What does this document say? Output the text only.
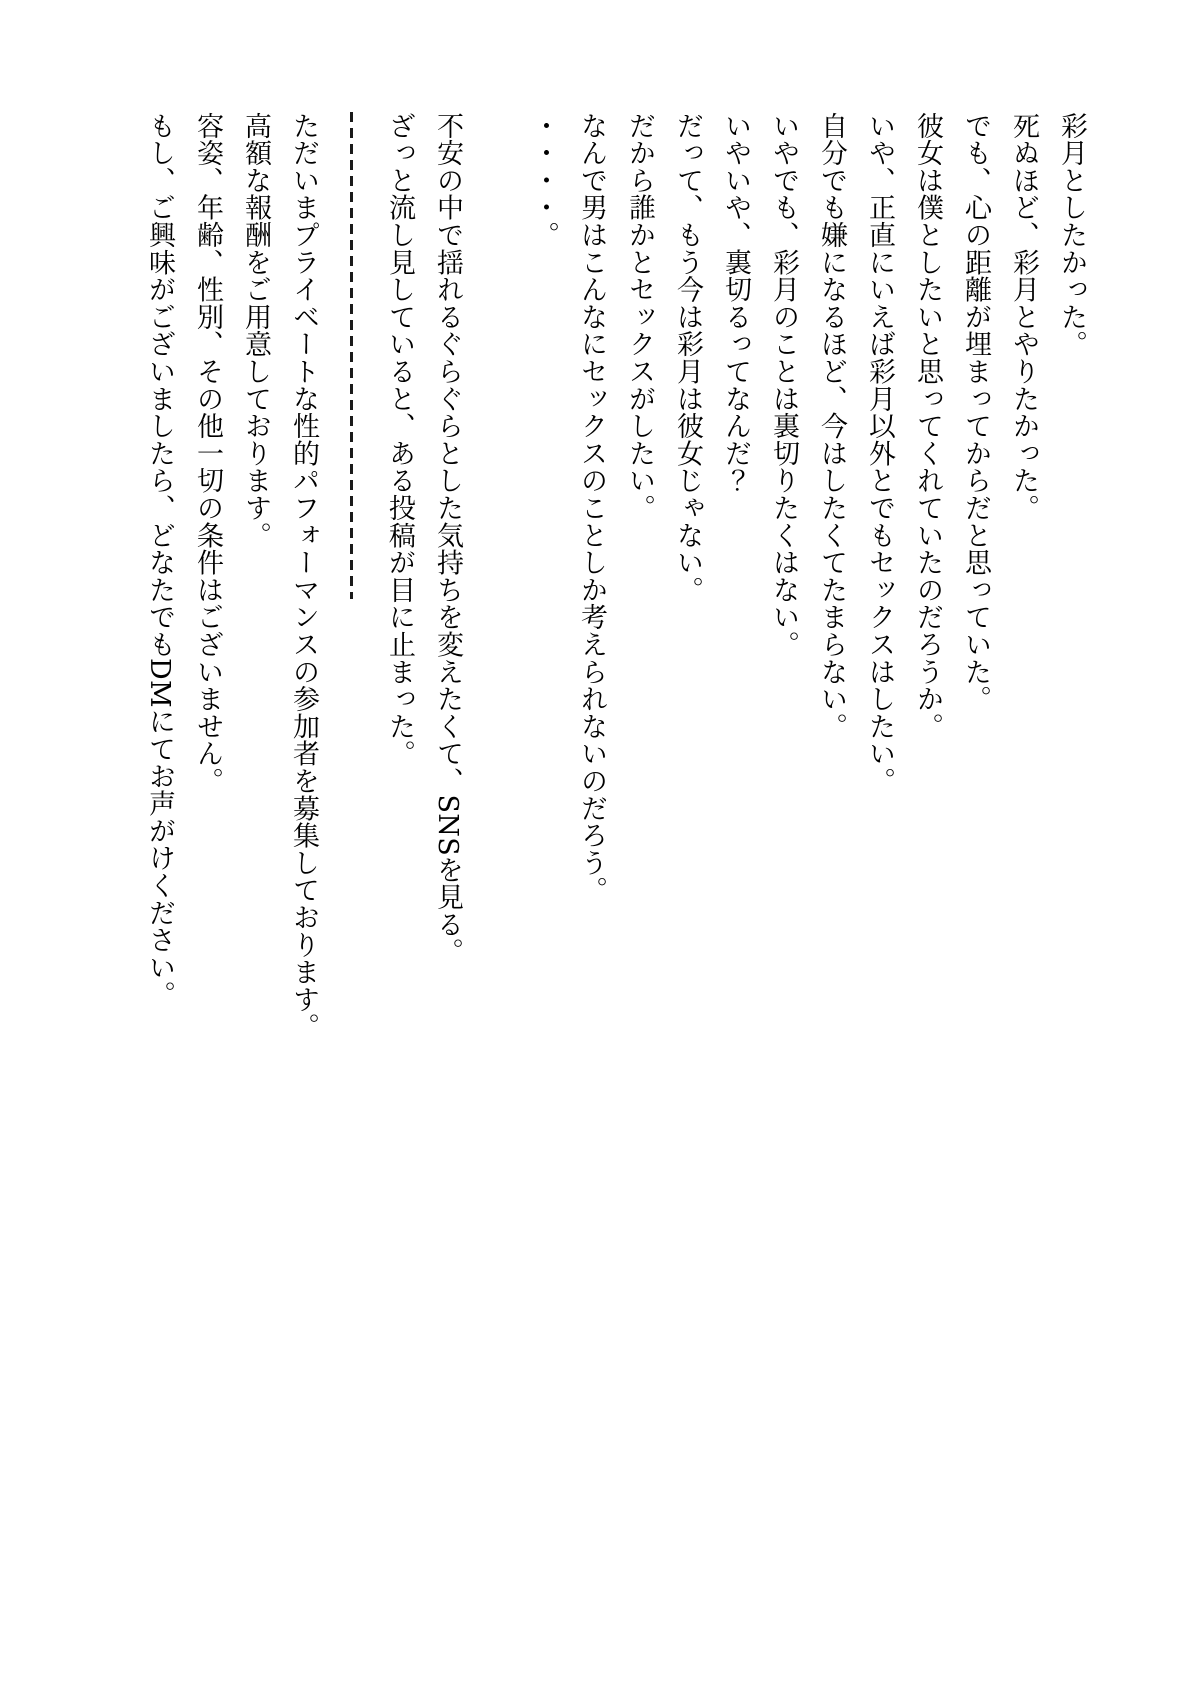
彩月としたかった。

死ぬほど、彩月とやりたかった。

でも、心の距離が埋まってからだと思っていた。

彼女は僕としたいと思ってくれていたのだろうか。

いや、正直にいえば彩月以外とでもセックスはしたい。

自分でも嫌になるほど、今はしたくてたまらない。

いやでも、彩月のことは裏切りたくはない。

いやいや、裏切るってなんだ？

だって、もう今は彩月は彼女じゃない。

だから誰かとセックスがしたい。

なんで男はこんなにセックスのことしか考えられないのだろう。

・・・・。

不安の中で揺れるぐらぐらとした気持ちを変えたくて、SNSを見る。

ざっと流し見していると、ある投稿が目に止まった。

ただいまプライベートな性的パフォーマンスの参加者を募集しております。

高額な報酬をご用意しております。

容姿、年齢、性別、その他一切の条件はございません。

もし、ご興味がございましたら、どなたでもDMにてお声がけください。
